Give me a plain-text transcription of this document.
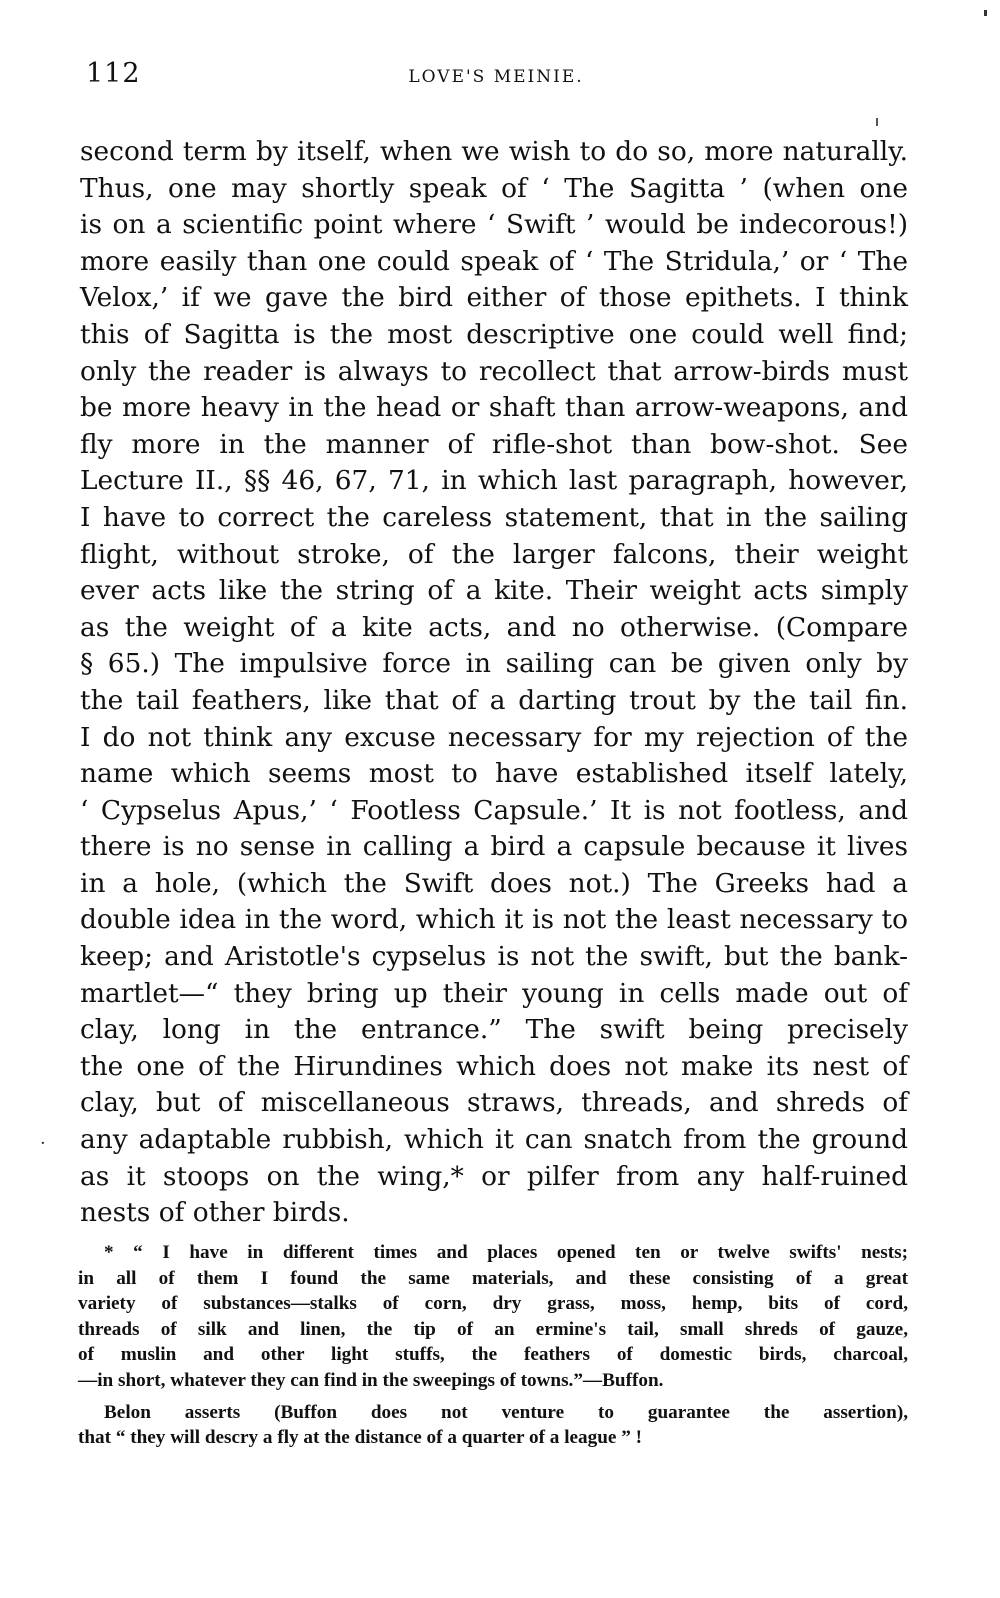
112	LOVE'S MEINIE.
second term by itself, when we wish to do so, more naturally.
Thus, one may shortly speak of ‘ The Sagitta ’ (when one
is on a scientific point where ‘ Swift ’ would be indecorous!)
more easily than one could speak of ‘ The Stridula,’ or ‘ The
Velox,’ if we gave the bird either of those epithets. I think
this of Sagitta is the most descriptive one could well find;
only the reader is always to recollect that arrow-birds must
be more heavy in the head or shaft than arrow-weapons, and
fly more in the manner of rifle-shot than bow-shot. See
Lecture II., §§ 46, 67, 71, in which last paragraph, however,
I have to correct the careless statement, that in the sailing
flight, without stroke, of the larger falcons, their weight
ever acts like the string of a kite. Their weight acts simply
as the weight of a kite acts, and no otherwise. (Compare
§ 65.) The impulsive force in sailing can be given only by
the tail feathers, like that of a darting trout by the tail fin.
I do not think any excuse necessary for my rejection of the
name which seems most to have established itself lately,
‘ Cypselus Apus,’ ‘ Footless Capsule.’ It is not footless, and
there is no sense in calling a bird a capsule because it lives
in a hole, (which the Swift does not.) The Greeks had a
double idea in the word, which it is not the least necessary to
keep; and Aristotle's cypselus is not the swift, but the bank-
martlet—“ they bring up their young in cells made out of
clay, long in the entrance.” The swift being precisely
the one of the Hirundines which does not make its nest of
clay, but of miscellaneous straws, threads, and shreds of
any adaptable rubbish, which it can snatch from the ground
as it stoops on the wing,* or pilfer from any half-ruined
nests of other birds.
·
* “ I have in different times and places opened ten or twelve swifts' nests;
in all of them I found the same materials, and these consisting of a great
variety of substances—stalks of corn, dry grass, moss, hemp, bits of cord,
threads of silk and linen, the tip of an ermine's tail, small shreds of gauze,
of muslin and other light stuffs, the feathers of domestic birds, charcoal,
—in short, whatever they can find in the sweepings of towns.”—Buffon.
Belon asserts (Buffon does not venture to guarantee the assertion),
that “ they will descry a fly at the distance of a quarter of a league ” !
